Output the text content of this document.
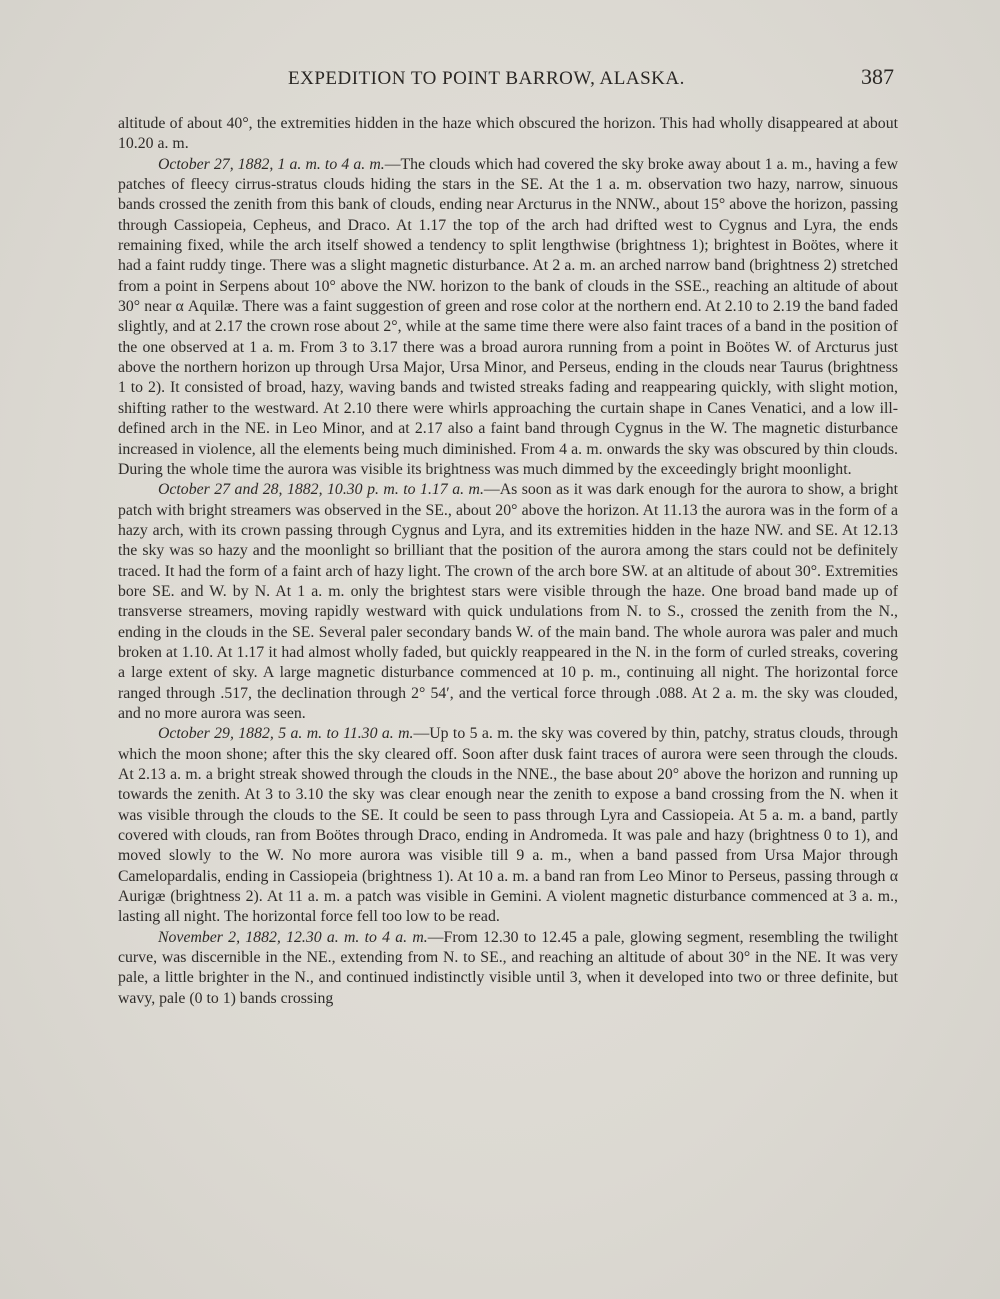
EXPEDITION TO POINT BARROW, ALASKA.	387

altitude of about 40°, the extremities hidden in the haze which obscured the horizon. This had wholly disappeared at about 10.20 a. m.

October 27, 1882, 1 a. m. to 4 a. m.—The clouds which had covered the sky broke away about 1 a. m., having a few patches of fleecy cirrus-stratus clouds hiding the stars in the SE. At the 1 a. m. observation two hazy, narrow, sinuous bands crossed the zenith from this bank of clouds, ending near Arcturus in the NNW., about 15° above the horizon, passing through Cassiopeia, Cepheus, and Draco. At 1.17 the top of the arch had drifted west to Cygnus and Lyra, the ends remaining fixed, while the arch itself showed a tendency to split lengthwise (brightness 1); brightest in Boötes, where it had a faint ruddy tinge. There was a slight magnetic disturbance. At 2 a. m. an arched narrow band (brightness 2) stretched from a point in Serpens about 10° above the NW. horizon to the bank of clouds in the SSE., reaching an altitude of about 30° near α Aquilæ. There was a faint suggestion of green and rose color at the northern end. At 2.10 to 2.19 the band faded slightly, and at 2.17 the crown rose about 2°, while at the same time there were also faint traces of a band in the position of the one observed at 1 a. m. From 3 to 3.17 there was a broad aurora running from a point in Boötes W. of Arcturus just above the northern horizon up through Ursa Major, Ursa Minor, and Perseus, ending in the clouds near Taurus (brightness 1 to 2). It consisted of broad, hazy, waving bands and twisted streaks fading and reappearing quickly, with slight motion, shifting rather to the westward. At 2.10 there were whirls approaching the curtain shape in Canes Venatici, and a low ill-defined arch in the NE. in Leo Minor, and at 2.17 also a faint band through Cygnus in the W. The magnetic disturbance increased in violence, all the elements being much diminished. From 4 a. m. onwards the sky was obscured by thin clouds. During the whole time the aurora was visible its brightness was much dimmed by the exceedingly bright moonlight.

October 27 and 28, 1882, 10.30 p. m. to 1.17 a. m.—As soon as it was dark enough for the aurora to show, a bright patch with bright streamers was observed in the SE., about 20° above the horizon. At 11.13 the aurora was in the form of a hazy arch, with its crown passing through Cygnus and Lyra, and its extremities hidden in the haze NW. and SE. At 12.13 the sky was so hazy and the moonlight so brilliant that the position of the aurora among the stars could not be definitely traced. It had the form of a faint arch of hazy light. The crown of the arch bore SW. at an altitude of about 30°. Extremities bore SE. and W. by N. At 1 a. m. only the brightest stars were visible through the haze. One broad band made up of transverse streamers, moving rapidly westward with quick undulations from N. to S., crossed the zenith from the N., ending in the clouds in the SE. Several paler secondary bands W. of the main band. The whole aurora was paler and much broken at 1.10. At 1.17 it had almost wholly faded, but quickly reappeared in the N. in the form of curled streaks, covering a large extent of sky. A large magnetic disturbance commenced at 10 p. m., continuing all night. The horizontal force ranged through .517, the declination through 2° 54′, and the vertical force through .088. At 2 a. m. the sky was clouded, and no more aurora was seen.

October 29, 1882, 5 a. m. to 11.30 a. m.—Up to 5 a. m. the sky was covered by thin, patchy, stratus clouds, through which the moon shone; after this the sky cleared off. Soon after dusk faint traces of aurora were seen through the clouds. At 2.13 a. m. a bright streak showed through the clouds in the NNE., the base about 20° above the horizon and running up towards the zenith. At 3 to 3.10 the sky was clear enough near the zenith to expose a band crossing from the N. when it was visible through the clouds to the SE. It could be seen to pass through Lyra and Cassiopeia. At 5 a. m. a band, partly covered with clouds, ran from Boötes through Draco, ending in Andromeda. It was pale and hazy (brightness 0 to 1), and moved slowly to the W. No more aurora was visible till 9 a. m., when a band passed from Ursa Major through Camelopardalis, ending in Cassiopeia (brightness 1). At 10 a. m. a band ran from Leo Minor to Perseus, passing through α Aurigæ (brightness 2). At 11 a. m. a patch was visible in Gemini. A violent magnetic disturbance commenced at 3 a. m., lasting all night. The horizontal force fell too low to be read.

November 2, 1882, 12.30 a. m. to 4 a. m.—From 12.30 to 12.45 a pale, glowing segment, resembling the twilight curve, was discernible in the NE., extending from N. to SE., and reaching an altitude of about 30° in the NE. It was very pale, a little brighter in the N., and continued indistinctly visible until 3, when it developed into two or three definite, but wavy, pale (0 to 1) bands crossing
